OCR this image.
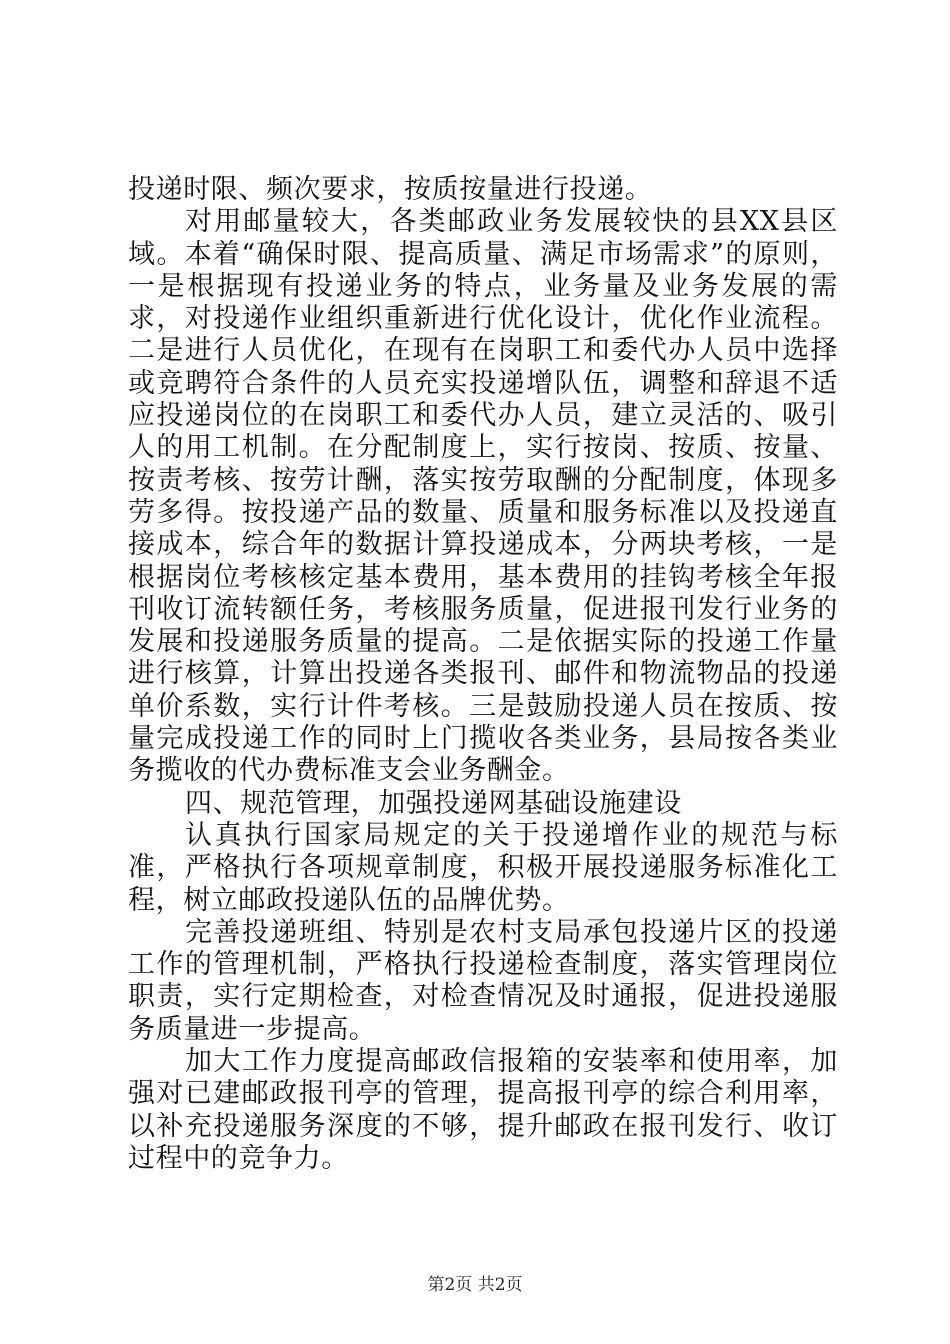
投递时限、频次要求，按质按量进行投递。

对用邮量较大，各类邮政业务发展较快的县XX县区域。本着“确保时限、提高质量、满足市场需求”的原则，一是根据现有投递业务的特点，业务量及业务发展的需求，对投递作业组织重新进行优化设计，优化作业流程。二是进行人员优化，在现有在岗职工和委代办人员中选择或竞聘符合条件的人员充实投递增队伍，调整和辞退不适应投递岗位的在岗职工和委代办人员，建立灵活的、吸引人的用工机制。在分配制度上，实行按岗、按质、按量、按责考核、按劳计酬，落实按劳取酬的分配制度，体现多劳多得。按投递产品的数量、质量和服务标准以及投递直接成本，综合年的数据计算投递成本，分两块考核，一是根据岗位考核核定基本费用，基本费用的挂钩考核全年报刊收订流转额任务，考核服务质量，促进报刊发行业务的发展和投递服务质量的提高。二是依据实际的投递工作量进行核算，计算出投递各类报刊、邮件和物流物品的投递单价系数，实行计件考核。三是鼓励投递人员在按质、按量完成投递工作的同时上门揽收各类业务，县局按各类业务揽收的代办费标准支会业务酬金。

四、规范管理，加强投递网基础设施建设

认真执行国家局规定的关于投递增作业的规范与标准，严格执行各项规章制度，积极开展投递服务标准化工程，树立邮政投递队伍的品牌优势。

完善投递班组、特别是农村支局承包投递片区的投递工作的管理机制，严格执行投递检查制度，落实管理岗位职责，实行定期检查，对检查情况及时通报，促进投递服务质量进一步提高。

加大工作力度提高邮政信报箱的安装率和使用率，加强对已建邮政报刊亭的管理，提高报刊亭的综合利用率，以补充投递服务深度的不够，提升邮政在报刊发行、收订过程中的竞争力。

第2页 共2页
